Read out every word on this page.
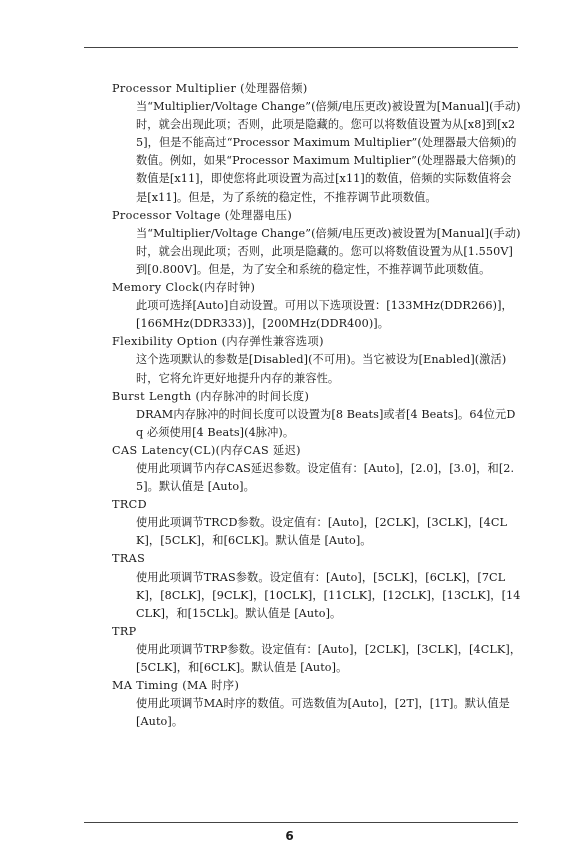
Processor Multiplier (处理器倍频)

当“Multiplier/Voltage Change”(倍频/电压更改)被设置为[Manual](手动)时，就会出现此项；否则，此项是隐藏的。您可以将数值设置为从[x8]到[x25]，但是不能高过“Processor Maximum Multiplier”(处理器最大倍频)的数值。例如，如果“Processor Maximum Multiplier”(处理器最大倍频)的数值是[x11]，即使您将此项设置为高过[x11]的数值，倍频的实际数值将会是[x11]。但是，为了系统的稳定性，不推荐调节此项数值。

Processor Voltage (处理器电压)

当“Multiplier/Voltage Change”(倍频/电压更改)被设置为[Manual](手动)时，就会出现此项；否则，此项是隐藏的。您可以将数值设置为从[1.550V] 到[0.800V]。但是，为了安全和系统的稳定性，不推荐调节此项数值。

Memory Clock(内存时钟)

此项可选择[Auto]自动设置。可用以下选项设置：[133MHz(DDR266)]，[166MHz(DDR333)]，[200MHz(DDR400)]。

Flexibility Option (内存弹性兼容选项)

这个选项默认的参数是[Disabled](不可用)。当它被设为[Enabled](激活)时，它将允许更好地提升内存的兼容性。

Burst Length (内存脉冲的时间长度)

DRAM内存脉冲的时间长度可以设置为[8 Beats]或者[4 Beats]。64位元Dq 必须使用[4 Beats](4脉冲)。

CAS Latency(CL)(内存CAS 延迟)

使用此项调节内存CAS延迟参数。设定值有：[Auto]，[2.0]，[3.0]，和[2.5]。默认值是 [Auto]。

TRCD

使用此项调节TRCD参数。设定值有：[Auto]，[2CLK]，[3CLK]，[4CLK]，[5CLK]，和[6CLK]。默认值是 [Auto]。

TRAS

使用此项调节TRAS参数。设定值有：[Auto]，[5CLK]，[6CLK]，[7CLK]，[8CLK]，[9CLK]，[10CLK]，[11CLK]，[12CLK]，[13CLK]，[14CLK]，和[15CLk]。默认值是 [Auto]。

TRP

使用此项调节TRP参数。设定值有：[Auto]，[2CLK]，[3CLK]，[4CLK]，[5CLK]，和[6CLK]。默认值是 [Auto]。

MA Timing (MA 时序)

使用此项调节MA时序的数值。可选数值为[Auto]，[2T]，[1T]。默认值是 [Auto]。

6
